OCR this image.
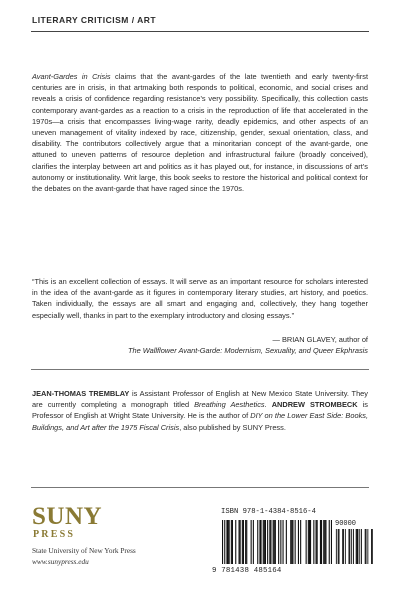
LITERARY CRITICISM / ART

Avant-Gardes in Crisis claims that the avant-gardes of the late twentieth and early twenty-first centuries are in crisis, in that artmaking both responds to political, economic, and social crises and reveals a crisis of confidence regarding resistance’s very possibility. Specifically, this collection casts contemporary avant-gardes as a reaction to a crisis in the reproduction of life that accelerated in the 1970s—a crisis that encompasses living-wage rarity, deadly epidemics, and other aspects of an uneven management of vitality indexed by race, citizenship, gender, sexual orientation, class, and disability. The contributors collectively argue that a minoritarian concept of the avant-garde, one attuned to uneven patterns of resource depletion and infrastructural failure (broadly conceived), clarifies the interplay between art and politics as it has played out, for instance, in discussions of art’s autonomy or institutionality. Writ large, this book seeks to restore the historical and political context for the debates on the avant-garde that have raged since the 1970s.

“This is an excellent collection of essays. It will serve as an important resource for scholars interested in the idea of the avant-garde as it figures in contemporary literary studies, art history, and poetics. Taken individually, the essays are all smart and engaging and, collectively, they hang together especially well, thanks in part to the exemplary introductory and closing essays.”

— BRIAN GLAVEY, author of
The Wallflower Avant-Garde: Modernism, Sexuality, and Queer Ekphrasis

JEAN-THOMAS TREMBLAY is Assistant Professor of English at New Mexico State University. They are currently completing a monograph titled Breathing Aesthetics. ANDREW STROMBECK is Professor of English at Wright State University. He is the author of DIY on the Lower East Side: Books, Buildings, and Art after the 1975 Fiscal Crisis, also published by SUNY Press.

SUNY
PRESS
State University of New York Press
www.sunypress.edu
ISBN 978-1-4384-8516-4
90000
9 781438 485164
